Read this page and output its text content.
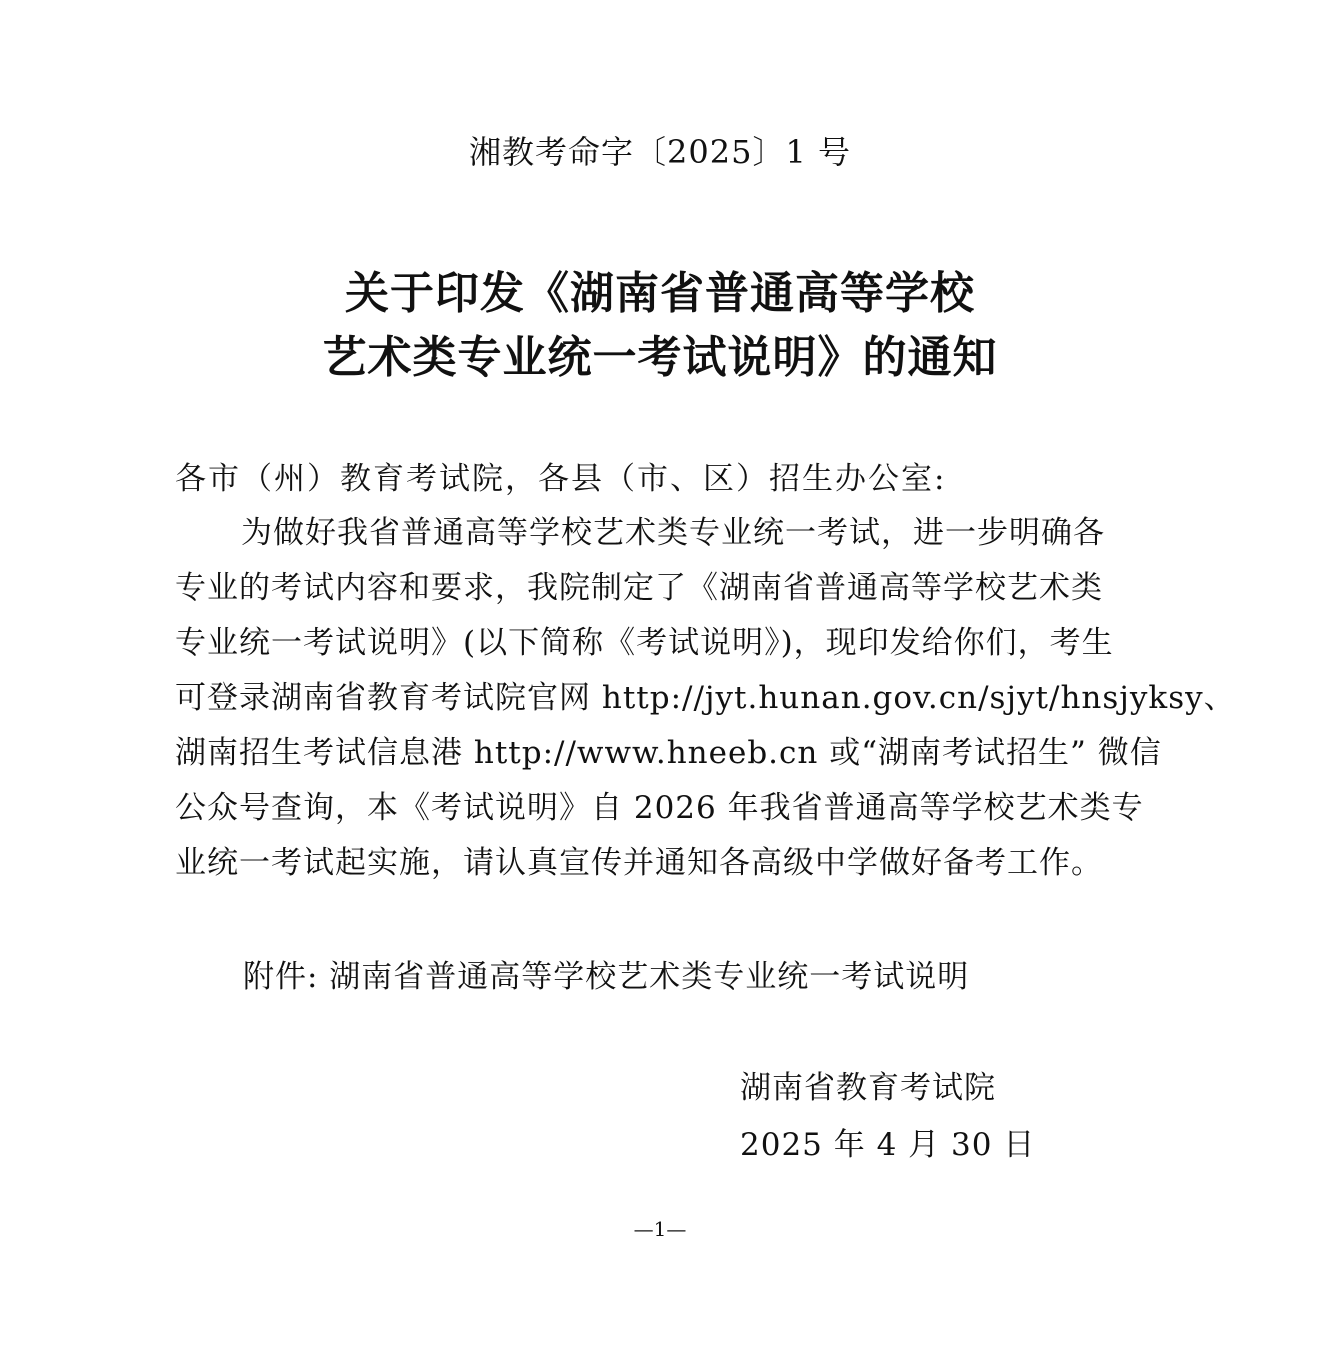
湘教考命字〔2025〕1 号
关于印发《湖南省普通高等学校
艺术类专业统一考试说明》的通知
各市（州）教育考试院，各县（市、区）招生办公室:
为做好我省普通高等学校艺术类专业统一考试，进一步明确各
专业的考试内容和要求，我院制定了《湖南省普通高等学校艺术类
专业统一考试说明》(以下简称《考试说明》)，现印发给你们，考生
可登录湖南省教育考试院官网 http://jyt.hunan.gov.cn/sjyt/hnsjyksy、
湖南招生考试信息港 http://www.hneeb.cn 或“湖南考试招生” 微信
公众号查询，本《考试说明》自 2026 年我省普通高等学校艺术类专
业统一考试起实施，请认真宣传并通知各高级中学做好备考工作。
附件: 湖南省普通高等学校艺术类专业统一考试说明
湖南省教育考试院
2025 年 4 月 30 日
—1—
